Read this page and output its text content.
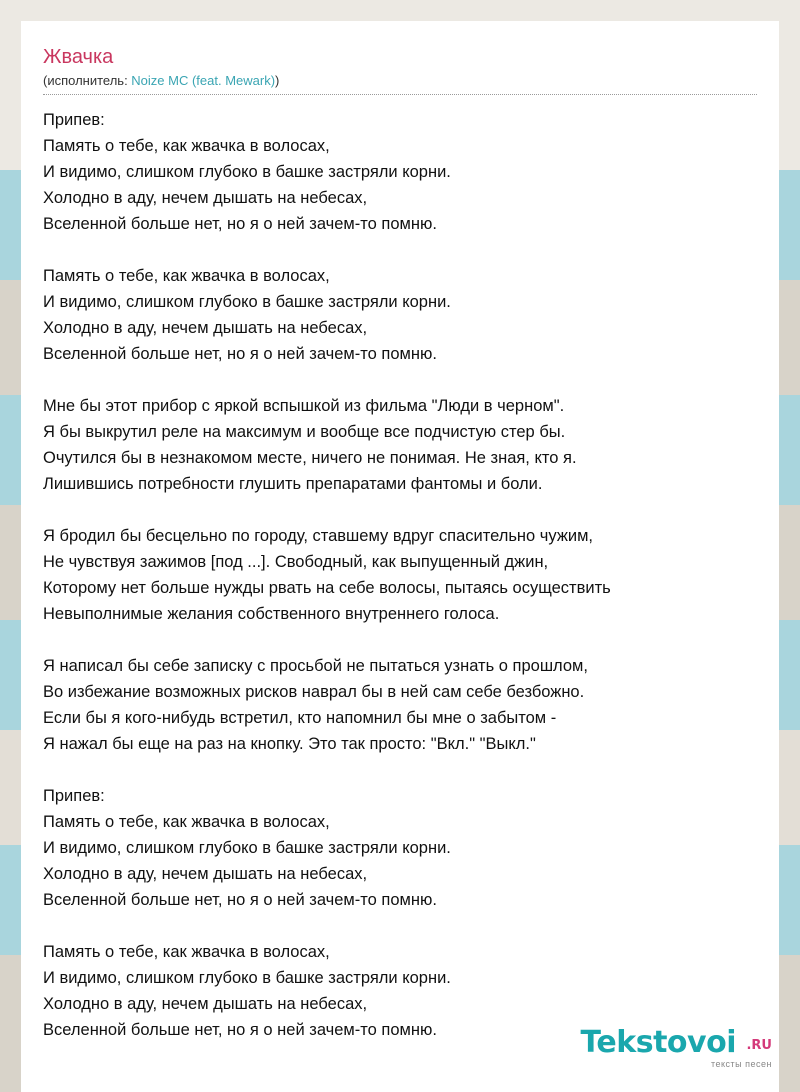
Жвачка
(исполнитель: Noize MC (feat. Mewark))
Припев:
Память о тебе, как жвачка в волосах,
И видимо, слишком глубоко в башке застряли корни.
Холодно в аду, нечем дышать на небесах,
Вселенной больше нет, но я о ней зачем-то помню.
Память о тебе, как жвачка в волосах,
И видимо, слишком глубоко в башке застряли корни.
Холодно в аду, нечем дышать на небесах,
Вселенной больше нет, но я о ней зачем-то помню.
Мне бы этот прибор с яркой вспышкой из фильма "Люди в черном".
Я бы выкрутил реле на максимум и вообще все подчистую стер бы.
Очутился бы в незнакомом месте, ничего не понимая. Не зная, кто я.
Лишившись потребности глушить препаратами фантомы и боли.
Я бродил бы бесцельно по городу, ставшему вдруг спасительно чужим,
Не чувствуя зажимов [под ...]. Свободный, как выпущенный джин,
Которому нет больше нужды рвать на себе волосы, пытаясь осуществить
Невыполнимые желания собственного внутреннего голоса.
Я написал бы себе записку с просьбой не пытаться узнать о прошлом,
Во избежание возможных рисков наврал бы в ней сам себе безбожно.
Если бы я кого-нибудь встретил, кто напомнил бы мне о забытом -
Я нажал бы еще на раз на кнопку. Это так просто: "Вкл." "Выкл."
Припев:
Память о тебе, как жвачка в волосах,
И видимо, слишком глубоко в башке застряли корни.
Холодно в аду, нечем дышать на небесах,
Вселенной больше нет, но я о ней зачем-то помню.
Память о тебе, как жвачка в волосах,
И видимо, слишком глубоко в башке застряли корни.
Холодно в аду, нечем дышать на небесах,
Вселенной больше нет, но я о ней зачем-то помню.	Tekstovoi .RU
тексты песен
